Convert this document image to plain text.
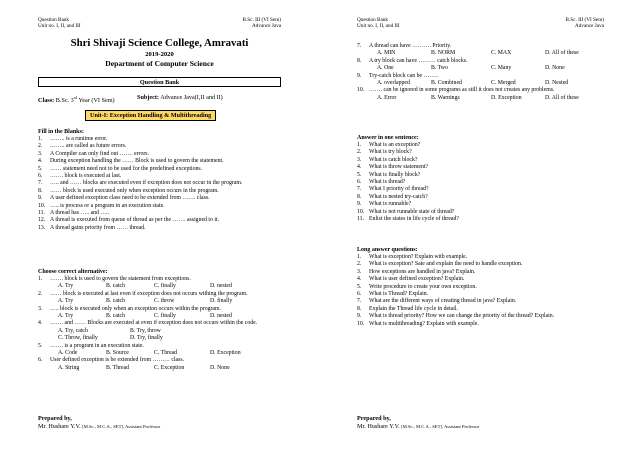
Question Bank
Unit no. I, II, and III
B.Sc. III (VI Sem)
Advance Java
Shri Shivaji Science College, Amravati
2019-2020
Department of Computer Science
Question Bank
Class: B.Sc. 3rd Year (VI Sem)	Subject: Advance Java(I,II and II)
Unit-I: Exception Handling & Multithreading
Fill in the Blanks:
1. …….. is a runtime error.
2. …….. are called as future errors.
3. A Compiler can only find out ……. errors.
4. During exception handling the …… Block is used to govern the statement.
5. …… statement need not to be used for the predefined exceptions.
6. ……. block is executed at last.
7. ….. and …… blocks are executed even if exception does not occur in the program.
8. …… block is used executed only when exception occurs in the program.
9. A user defined exception class need to be extended from ……. class.
10. ….. is process or a program in an execution state.
11. A thread has ….. and …..
12. A thread is executed from queue of thread as per the ……. assigned to it.
13. A thread gains priority from …… thread.
Choose correct alternative:
1. ……. block is used to govern the statement from exceptions.
A. Try	B. catch	C. finally	D. nested
2. …… block is executed at last even if exception does not occurs withing the program.
A. Try	B. catch	C. throw	D. finally
3. ….. block is executed only when an exception occurs within the program.
A. Try	B. catch	C. finally	D. nested
4. ……. and …… Blocks are executed at even if exception does not occurs within the code.
A. Try, catch	B. Try, throw
C. Throw, finally	D. Try, finally
5. ……. is a program in an execution state.
A. Code	B. Source	C. Thread	D. Exception
6. User defined exception is be extended from ……… class.
A. String	B. Thread	C. Exception	D. None
Prepared by,
Mr. Hushare Y.V. [M.Sc., M.C.A., SET], Assistant Professor
Question Bank
Unit no. I, II, and III
B.Sc. III (VI Sem)
Advance Java
7. A thread can have ………. Priority.
A. MIN	B. NORM	C. MAX	D. All of these
8. A try block can have ……… catch blocks.
A. One	B. Two	C. Many	D. None
9. Try-catch block can be ……..
A. overlapped	B. Combined	C. Merged	D. Nested
10. ……. can be ignored in some programs as still it does not creates any problems.
A. Error	B. Warnings	D. Exception	D. All of these
Answer in one sentence:
1. What is an exception?
2. What is try block?
3. What is catch block?
4. What is throw statement?
5. What is finally block?
6. What is thread?
7. What I priority of thread?
8. What is nested try-catch?
9. What is runnable?
10. What is not runnable state of thread?
11. Enlist the states in life cycle of thread?
Long answer questions:
1. What is exception? Explain with example.
2. What is exception? Sate and explain the need to handle exception.
3. How exceptions are handled in java? Explain.
4. What is user defined exception? Explain.
5. Write procedure to create your own exception.
6. What is Thread? Explain.
7. What are the different ways of creating thread in java? Explain.
8. Explain the Thread life cycle in detail.
9. What is thread priority? How we can change the priority of the thread? Explain.
10. What is multithreading? Explain with example.
Prepared by,
Mr. Hushare Y.V. [M.Sc., M.C.A., SET], Assistant Professor
